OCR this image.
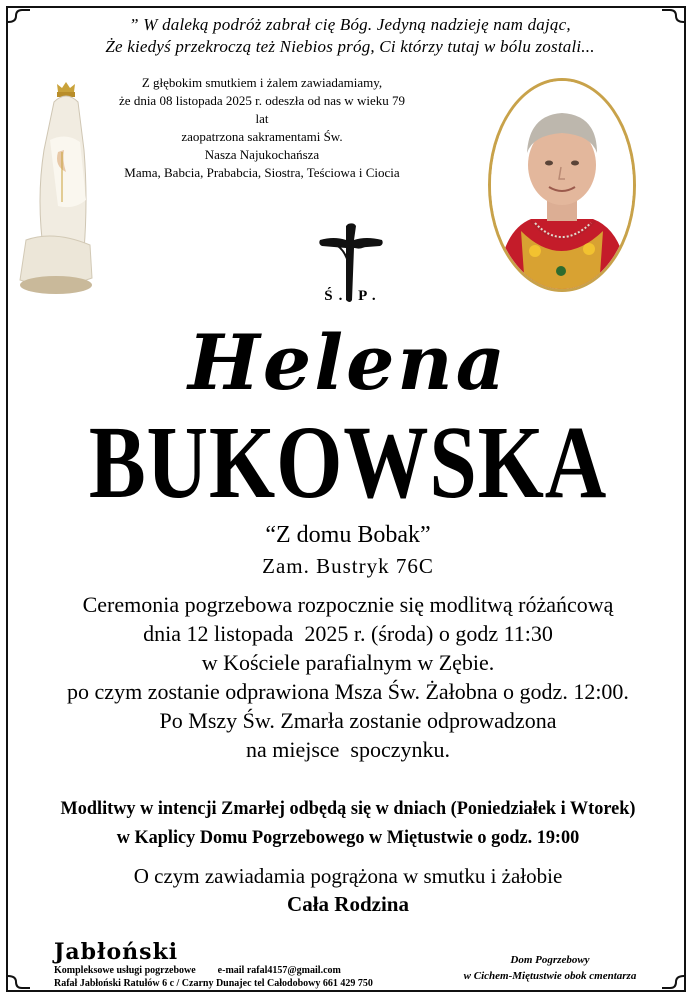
” W daleką podróż zabrał cię Bóg. Jedyną nadzieję nam dając,
Że kiedyś przekroczą też Niebios próg, Ci którzy tutaj w bólu zostali...
Z głębokim smutkiem i żalem zawiadamiamy,
że dnia 08 listopada 2025 r. odeszła od nas w wieku 79 lat
zaopatrzona sakramentami Św.
Nasza Najukochańsza
Mama, Babcia, Prababcia, Siostra, Teściowa i Ciocia
Ś. P.
Helena
BUKOWSKA
“Z domu Bobak”
Zam. Bustryk 76C
Ceremonia pogrzebowa rozpocznie się modlitwą różańcową
dnia 12 listopada  2025 r. (środa) o godz 11:30
w Kościele parafialnym w Zębie.
po czym zostanie odprawiona Msza Św. Żałobna o godz. 12:00.
Po Mszy Św. Zmarła zostanie odprowadzona
na miejsce  spoczynku.
Modlitwy w intencji Zmarłej odbędą się w dniach (Poniedziałek i Wtorek)
w Kaplicy Domu Pogrzebowego w Miętustwie o godz. 19:00
O czym zawiadamia pogrążona w smutku i żałobie
Cała Rodzina
Jabłoński
Kompleksowe usługi pogrzebowe e-mail rafal4157@gmail.com
Rafał Jabłoński Ratułów 6 c / Czarny Dunajec tel Całodobowy 661 429 750
Dom Pogrzebowy
w Cichem-Miętustwie obok cmentarza
